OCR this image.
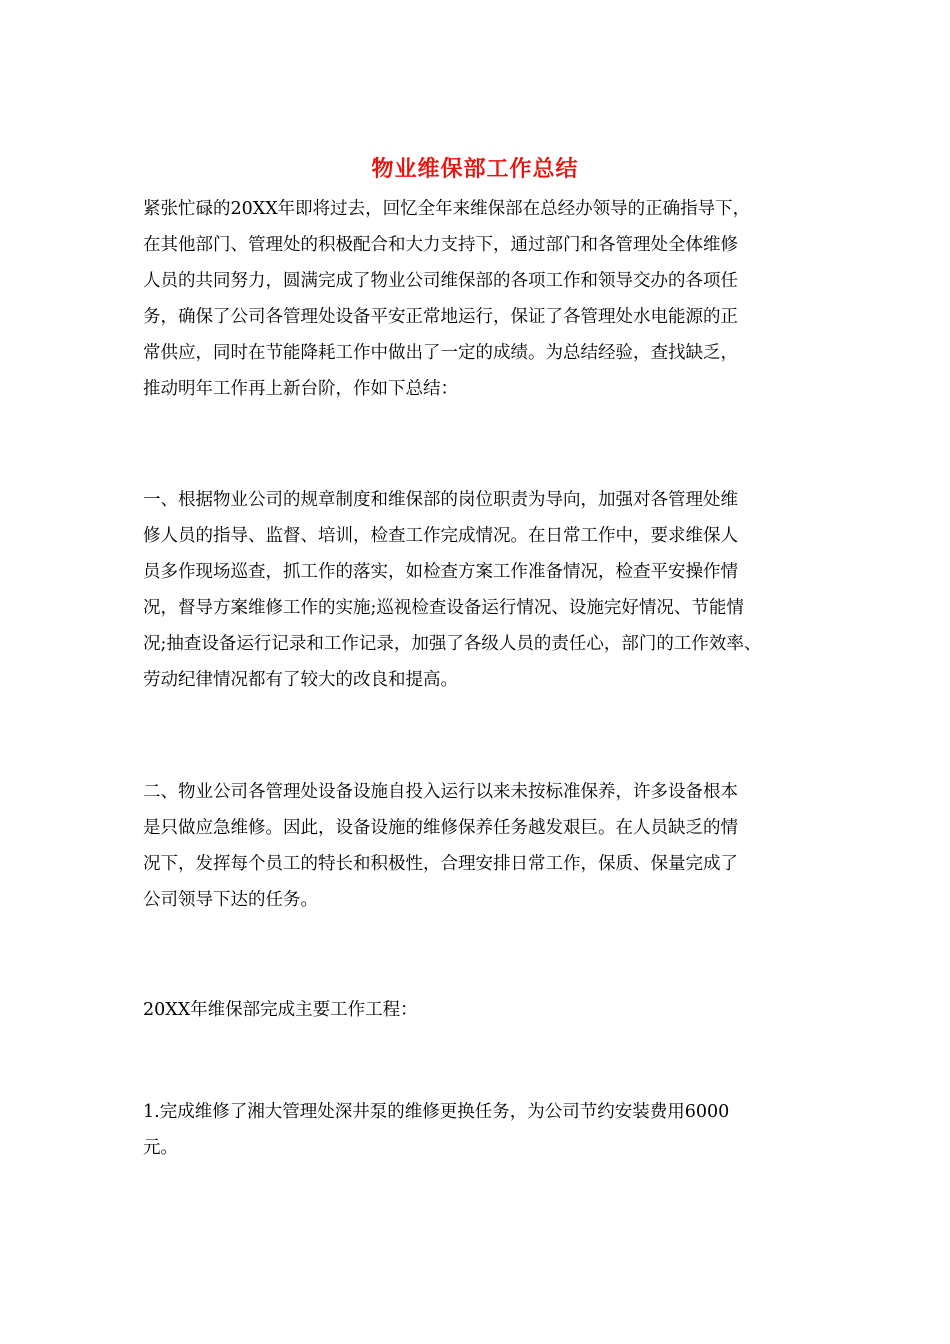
物业维保部工作总结
紧张忙碌的20XX年即将过去，回忆全年来维保部在总经办领导的正确指导下，
在其他部门、管理处的积极配合和大力支持下，通过部门和各管理处全体维修
人员的共同努力，圆满完成了物业公司维保部的各项工作和领导交办的各项任
务，确保了公司各管理处设备平安正常地运行，保证了各管理处水电能源的正
常供应，同时在节能降耗工作中做出了一定的成绩。为总结经验，查找缺乏，
推动明年工作再上新台阶，作如下总结：
一、根据物业公司的规章制度和维保部的岗位职责为导向，加强对各管理处维
修人员的指导、监督、培训，检查工作完成情况。在日常工作中，要求维保人
员多作现场巡查，抓工作的落实，如检查方案工作准备情况，检查平安操作情
况，督导方案维修工作的实施;巡视检查设备运行情况、设施完好情况、节能情
况;抽查设备运行记录和工作记录，加强了各级人员的责任心，部门的工作效率、
劳动纪律情况都有了较大的改良和提高。
二、物业公司各管理处设备设施自投入运行以来未按标准保养，许多设备根本
是只做应急维修。因此，设备设施的维修保养任务越发艰巨。在人员缺乏的情
况下，发挥每个员工的特长和积极性，合理安排日常工作，保质、保量完成了
公司领导下达的任务。
20XX年维保部完成主要工作工程：
1.完成维修了湘大管理处深井泵的维修更换任务，为公司节约安装费用6000
元。
